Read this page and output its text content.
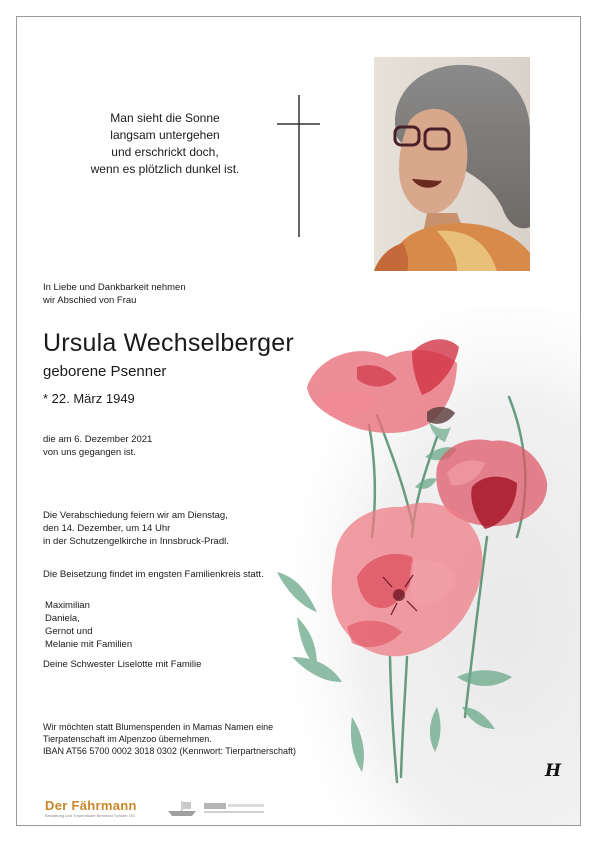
Man sieht die Sonne
langsam untergehen
und erschrickt doch,
wenn es plötzlich dunkel ist.
In Liebe und Dankbarkeit nehmen
wir Abschied von Frau
Ursula Wechselberger
geborene Psenner
* 22. März 1949
die am 6. Dezember 2021
von uns gegangen ist.
Die Verabschiedung feiern wir am Dienstag,
den 14. Dezember, um 14 Uhr
in der Schutzengelkirche in Innsbruck-Pradl.
Die Beisetzung findet im engsten Familienkreis statt.
Maximilian
Daniela,
Gernot und
Melanie mit Familien
Deine Schwester Liselotte mit Familie
Wir möchten statt Blumenspenden in Mamas Namen eine
Tierpatenschaft im Alpenzoo übernehmen.
IBAN AT56 5700 0002 3018 0302 (Kennwort: Tierpartnerschaft)
H
Der Fährmann
Bestattung und Trauerrituale Bernhard Schüler OG
